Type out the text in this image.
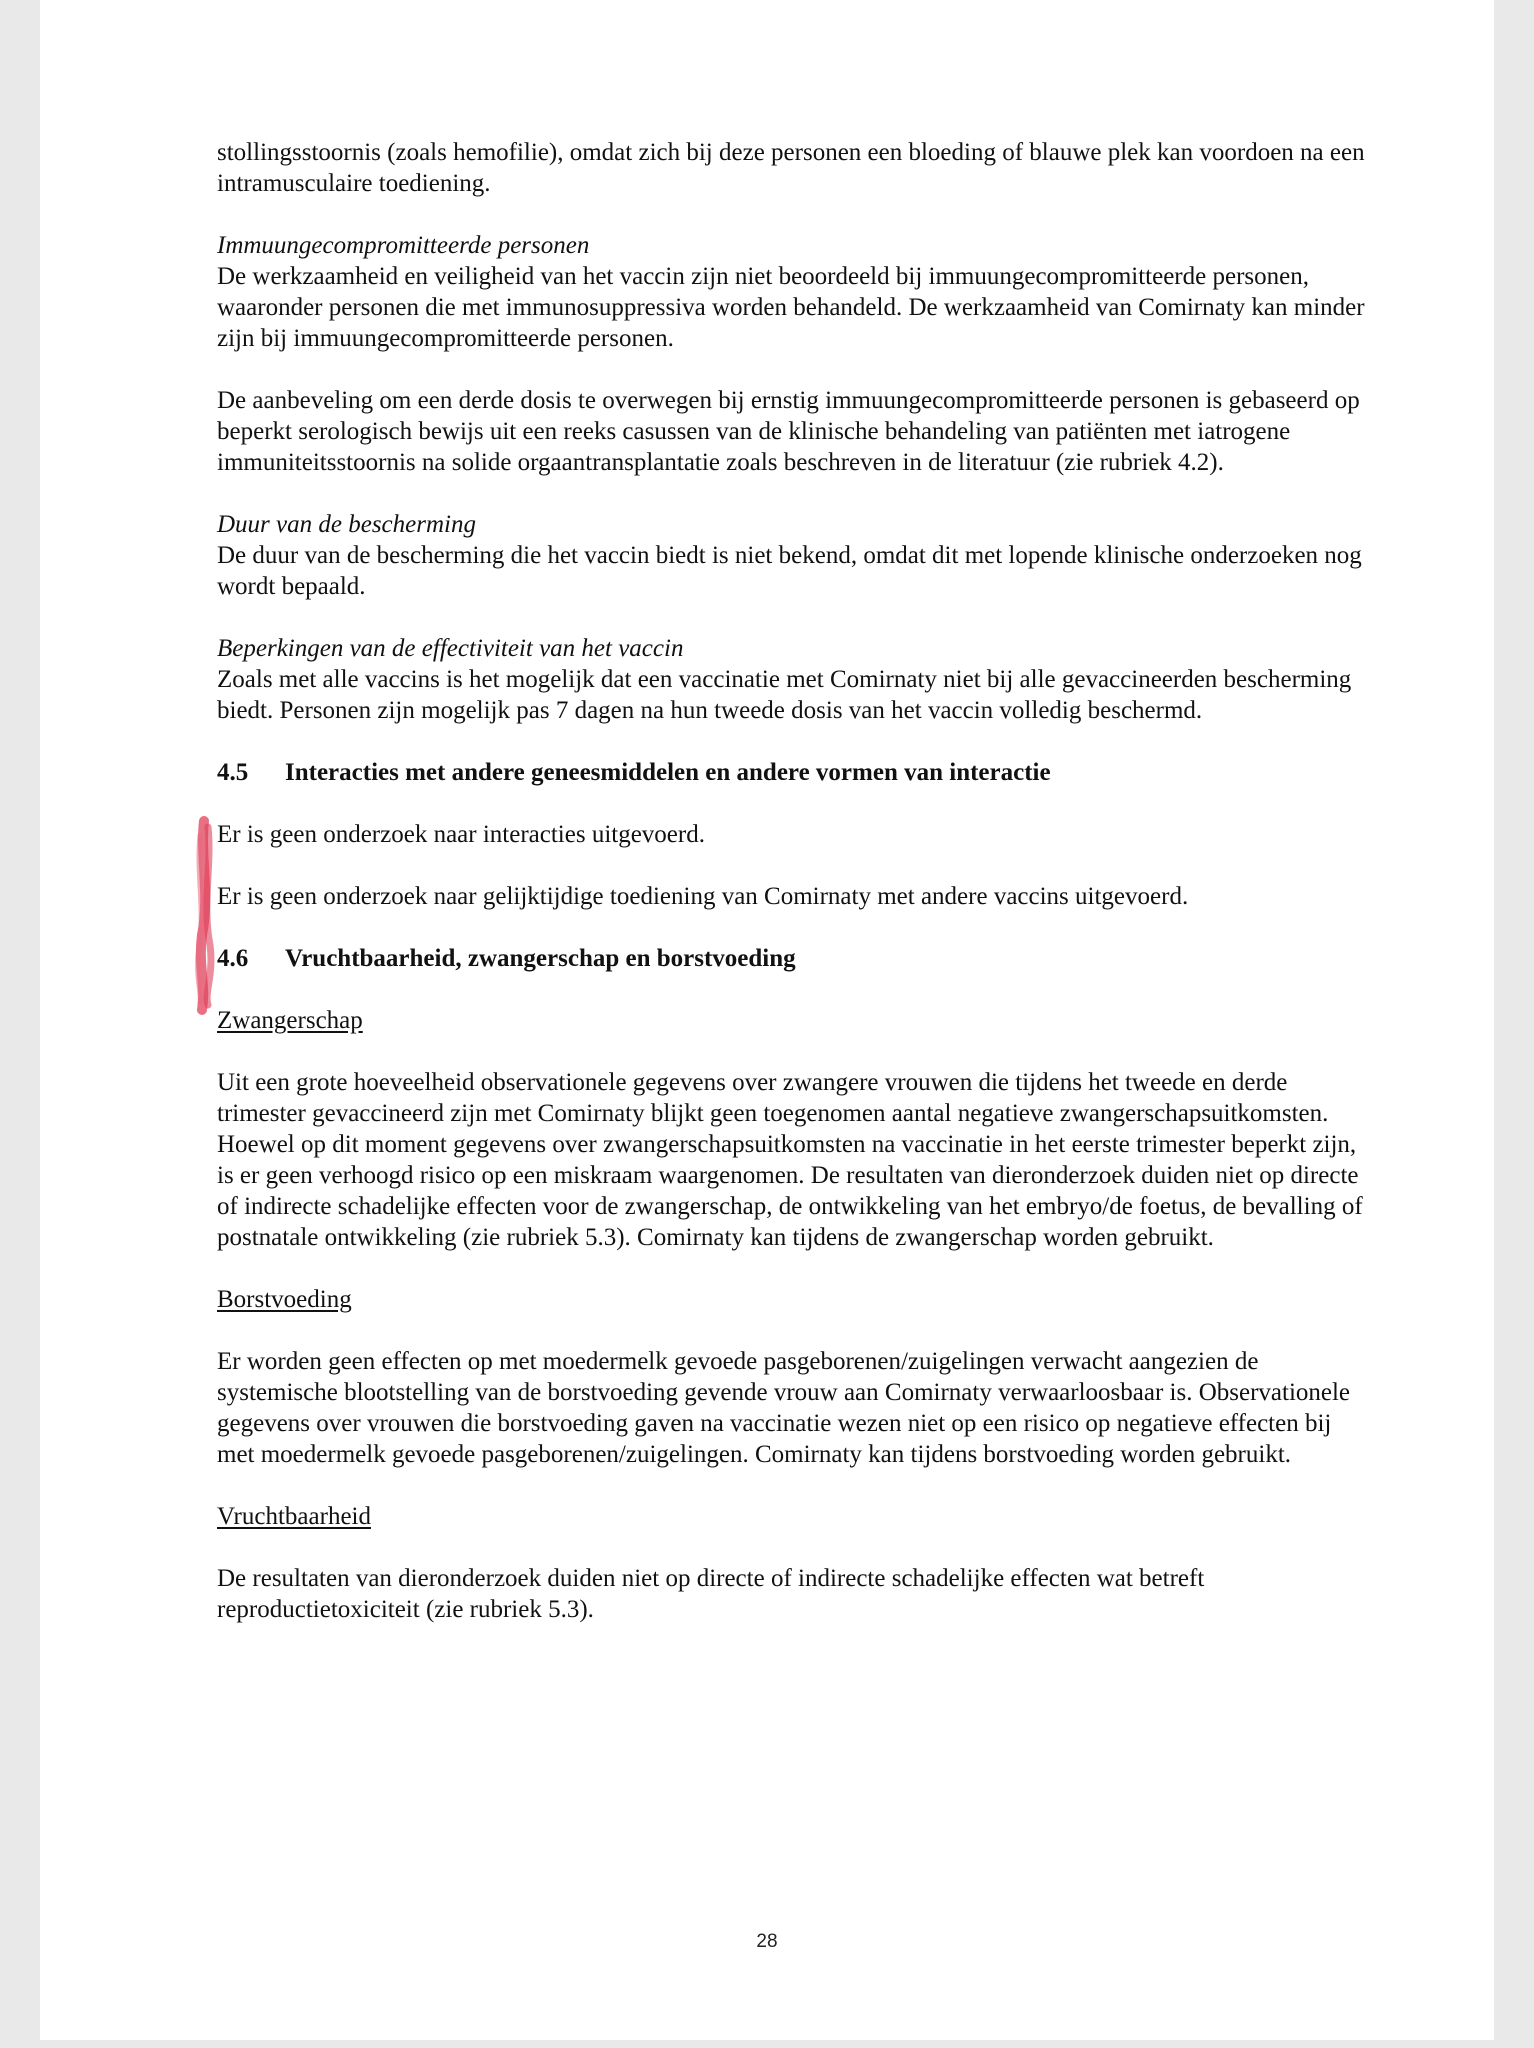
stollingsstoornis (zoals hemofilie), omdat zich bij deze personen een bloeding of blauwe plek kan voordoen na een intramusculaire toediening.

Immuungecompromitteerde personen

De werkzaamheid en veiligheid van het vaccin zijn niet beoordeeld bij immuungecompromitteerde personen, waaronder personen die met immunosuppressiva worden behandeld. De werkzaamheid van Comirnaty kan minder zijn bij immuungecompromitteerde personen.

De aanbeveling om een derde dosis te overwegen bij ernstig immuungecompromitteerde personen is gebaseerd op beperkt serologisch bewijs uit een reeks casussen van de klinische behandeling van patiënten met iatrogene immuniteitsstoornis na solide orgaantransplantatie zoals beschreven in de literatuur (zie rubriek 4.2).

Duur van de bescherming

De duur van de bescherming die het vaccin biedt is niet bekend, omdat dit met lopende klinische onderzoeken nog wordt bepaald.

Beperkingen van de effectiviteit van het vaccin

Zoals met alle vaccins is het mogelijk dat een vaccinatie met Comirnaty niet bij alle gevaccineerden bescherming biedt. Personen zijn mogelijk pas 7 dagen na hun tweede dosis van het vaccin volledig beschermd.

4.5	Interacties met andere geneesmiddelen en andere vormen van interactie

Er is geen onderzoek naar interacties uitgevoerd.

Er is geen onderzoek naar gelijktijdige toediening van Comirnaty met andere vaccins uitgevoerd.

4.6	Vruchtbaarheid, zwangerschap en borstvoeding

Zwangerschap

Uit een grote hoeveelheid observationele gegevens over zwangere vrouwen die tijdens het tweede en derde trimester gevaccineerd zijn met Comirnaty blijkt geen toegenomen aantal negatieve zwangerschapsuitkomsten. Hoewel op dit moment gegevens over zwangerschapsuitkomsten na vaccinatie in het eerste trimester beperkt zijn, is er geen verhoogd risico op een miskraam waargenomen. De resultaten van dieronderzoek duiden niet op directe of indirecte schadelijke effecten voor de zwangerschap, de ontwikkeling van het embryo/de foetus, de bevalling of postnatale ontwikkeling (zie rubriek 5.3). Comirnaty kan tijdens de zwangerschap worden gebruikt.

Borstvoeding

Er worden geen effecten op met moedermelk gevoede pasgeborenen/zuigelingen verwacht aangezien de systemische blootstelling van de borstvoeding gevende vrouw aan Comirnaty verwaarloosbaar is. Observationele gegevens over vrouwen die borstvoeding gaven na vaccinatie wezen niet op een risico op negatieve effecten bij met moedermelk gevoede pasgeborenen/zuigelingen. Comirnaty kan tijdens borstvoeding worden gebruikt.

Vruchtbaarheid

De resultaten van dieronderzoek duiden niet op directe of indirecte schadelijke effecten wat betreft reproductietoxiciteit (zie rubriek 5.3).

28
